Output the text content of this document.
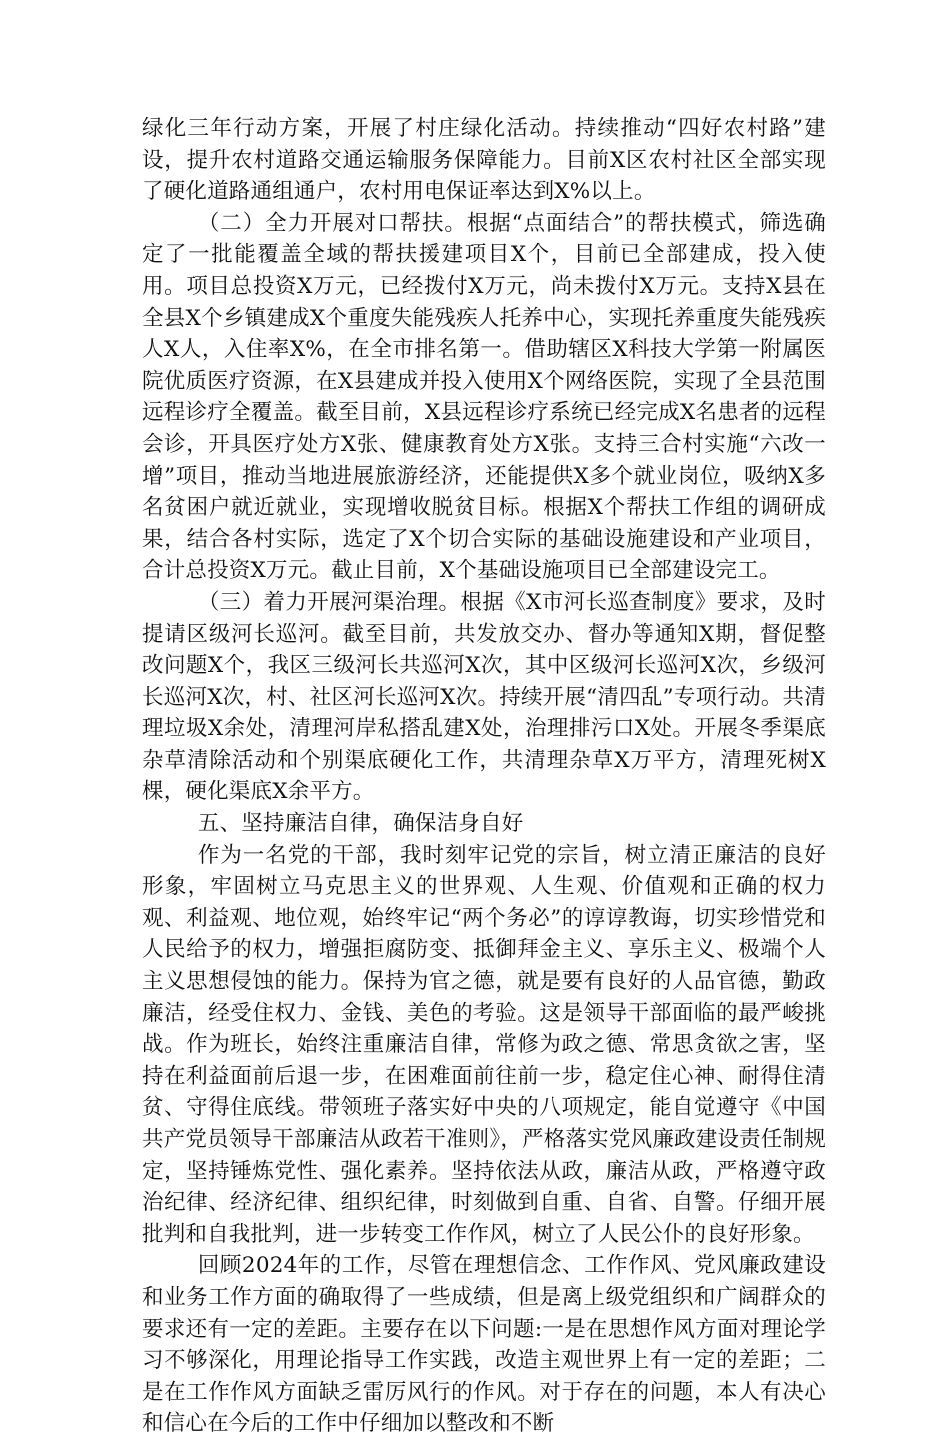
绿化三年行动方案，开展了村庄绿化活动。持续推动“四好农村路”建设，提升农村道路交通运输服务保障能力。目前X区农村社区全部实现了硬化道路通组通户，农村用电保证率达到X%以上。

（二）全力开展对口帮扶。根据“点面结合”的帮扶模式，筛选确定了一批能覆盖全域的帮扶援建项目X个，目前已全部建成，投入使用。项目总投资X万元，已经拨付X万元，尚未拨付X万元。支持X县在全县X个乡镇建成X个重度失能残疾人托养中心，实现托养重度失能残疾人X人，入住率X%，在全市排名第一。借助辖区X科技大学第一附属医院优质医疗资源，在X县建成并投入使用X个网络医院，实现了全县范围远程诊疗全覆盖。截至目前，X县远程诊疗系统已经完成X名患者的远程会诊，开具医疗处方X张、健康教育处方X张。支持三合村实施“六改一增”项目，推动当地进展旅游经济，还能提供X多个就业岗位，吸纳X多名贫困户就近就业，实现增收脱贫目标。根据X个帮扶工作组的调研成果，结合各村实际，选定了X个切合实际的基础设施建设和产业项目，合计总投资X万元。截止目前，X个基础设施项目已全部建设完工。

（三）着力开展河渠治理。根据《X市河长巡查制度》要求，及时提请区级河长巡河。截至目前，共发放交办、督办等通知X期，督促整改问题X个，我区三级河长共巡河X次，其中区级河长巡河X次，乡级河长巡河X次，村、社区河长巡河X次。持续开展“清四乱”专项行动。共清理垃圾X余处，清理河岸私搭乱建X处，治理排污口X处。开展冬季渠底杂草清除活动和个别渠底硬化工作，共清理杂草X万平方，清理死树X棵，硬化渠底X余平方。

五、坚持廉洁自律，确保洁身自好

作为一名党的干部，我时刻牢记党的宗旨，树立清正廉洁的良好形象，牢固树立马克思主义的世界观、人生观、价值观和正确的权力观、利益观、地位观，始终牢记“两个务必”的谆谆教诲，切实珍惜党和人民给予的权力，增强拒腐防变、抵御拜金主义、享乐主义、极端个人主义思想侵蚀的能力。保持为官之德，就是要有良好的人品官德，勤政廉洁，经受住权力、金钱、美色的考验。这是领导干部面临的最严峻挑战。作为班长，始终注重廉洁自律，常修为政之德、常思贪欲之害，坚持在利益面前后退一步，在困难面前往前一步，稳定住心神、耐得住清贫、守得住底线。带领班子落实好中央的八项规定，能自觉遵守《中国共产党员领导干部廉洁从政若干准则》，严格落实党风廉政建设责任制规定，坚持锤炼党性、强化素养。坚持依法从政，廉洁从政，严格遵守政治纪律、经济纪律、组织纪律，时刻做到自重、自省、自警。仔细开展批判和自我批判，进一步转变工作作风，树立了人民公仆的良好形象。

回顾2024年的工作，尽管在理想信念、工作作风、党风廉政建设和业务工作方面的确取得了一些成绩，但是离上级党组织和广阔群众的要求还有一定的差距。主要存在以下问题:一是在思想作风方面对理论学习不够深化，用理论指导工作实践，改造主观世界上有一定的差距；二是在工作作风方面缺乏雷厉风行的作风。对于存在的问题，本人有决心和信心在今后的工作中仔细加以整改和不断
